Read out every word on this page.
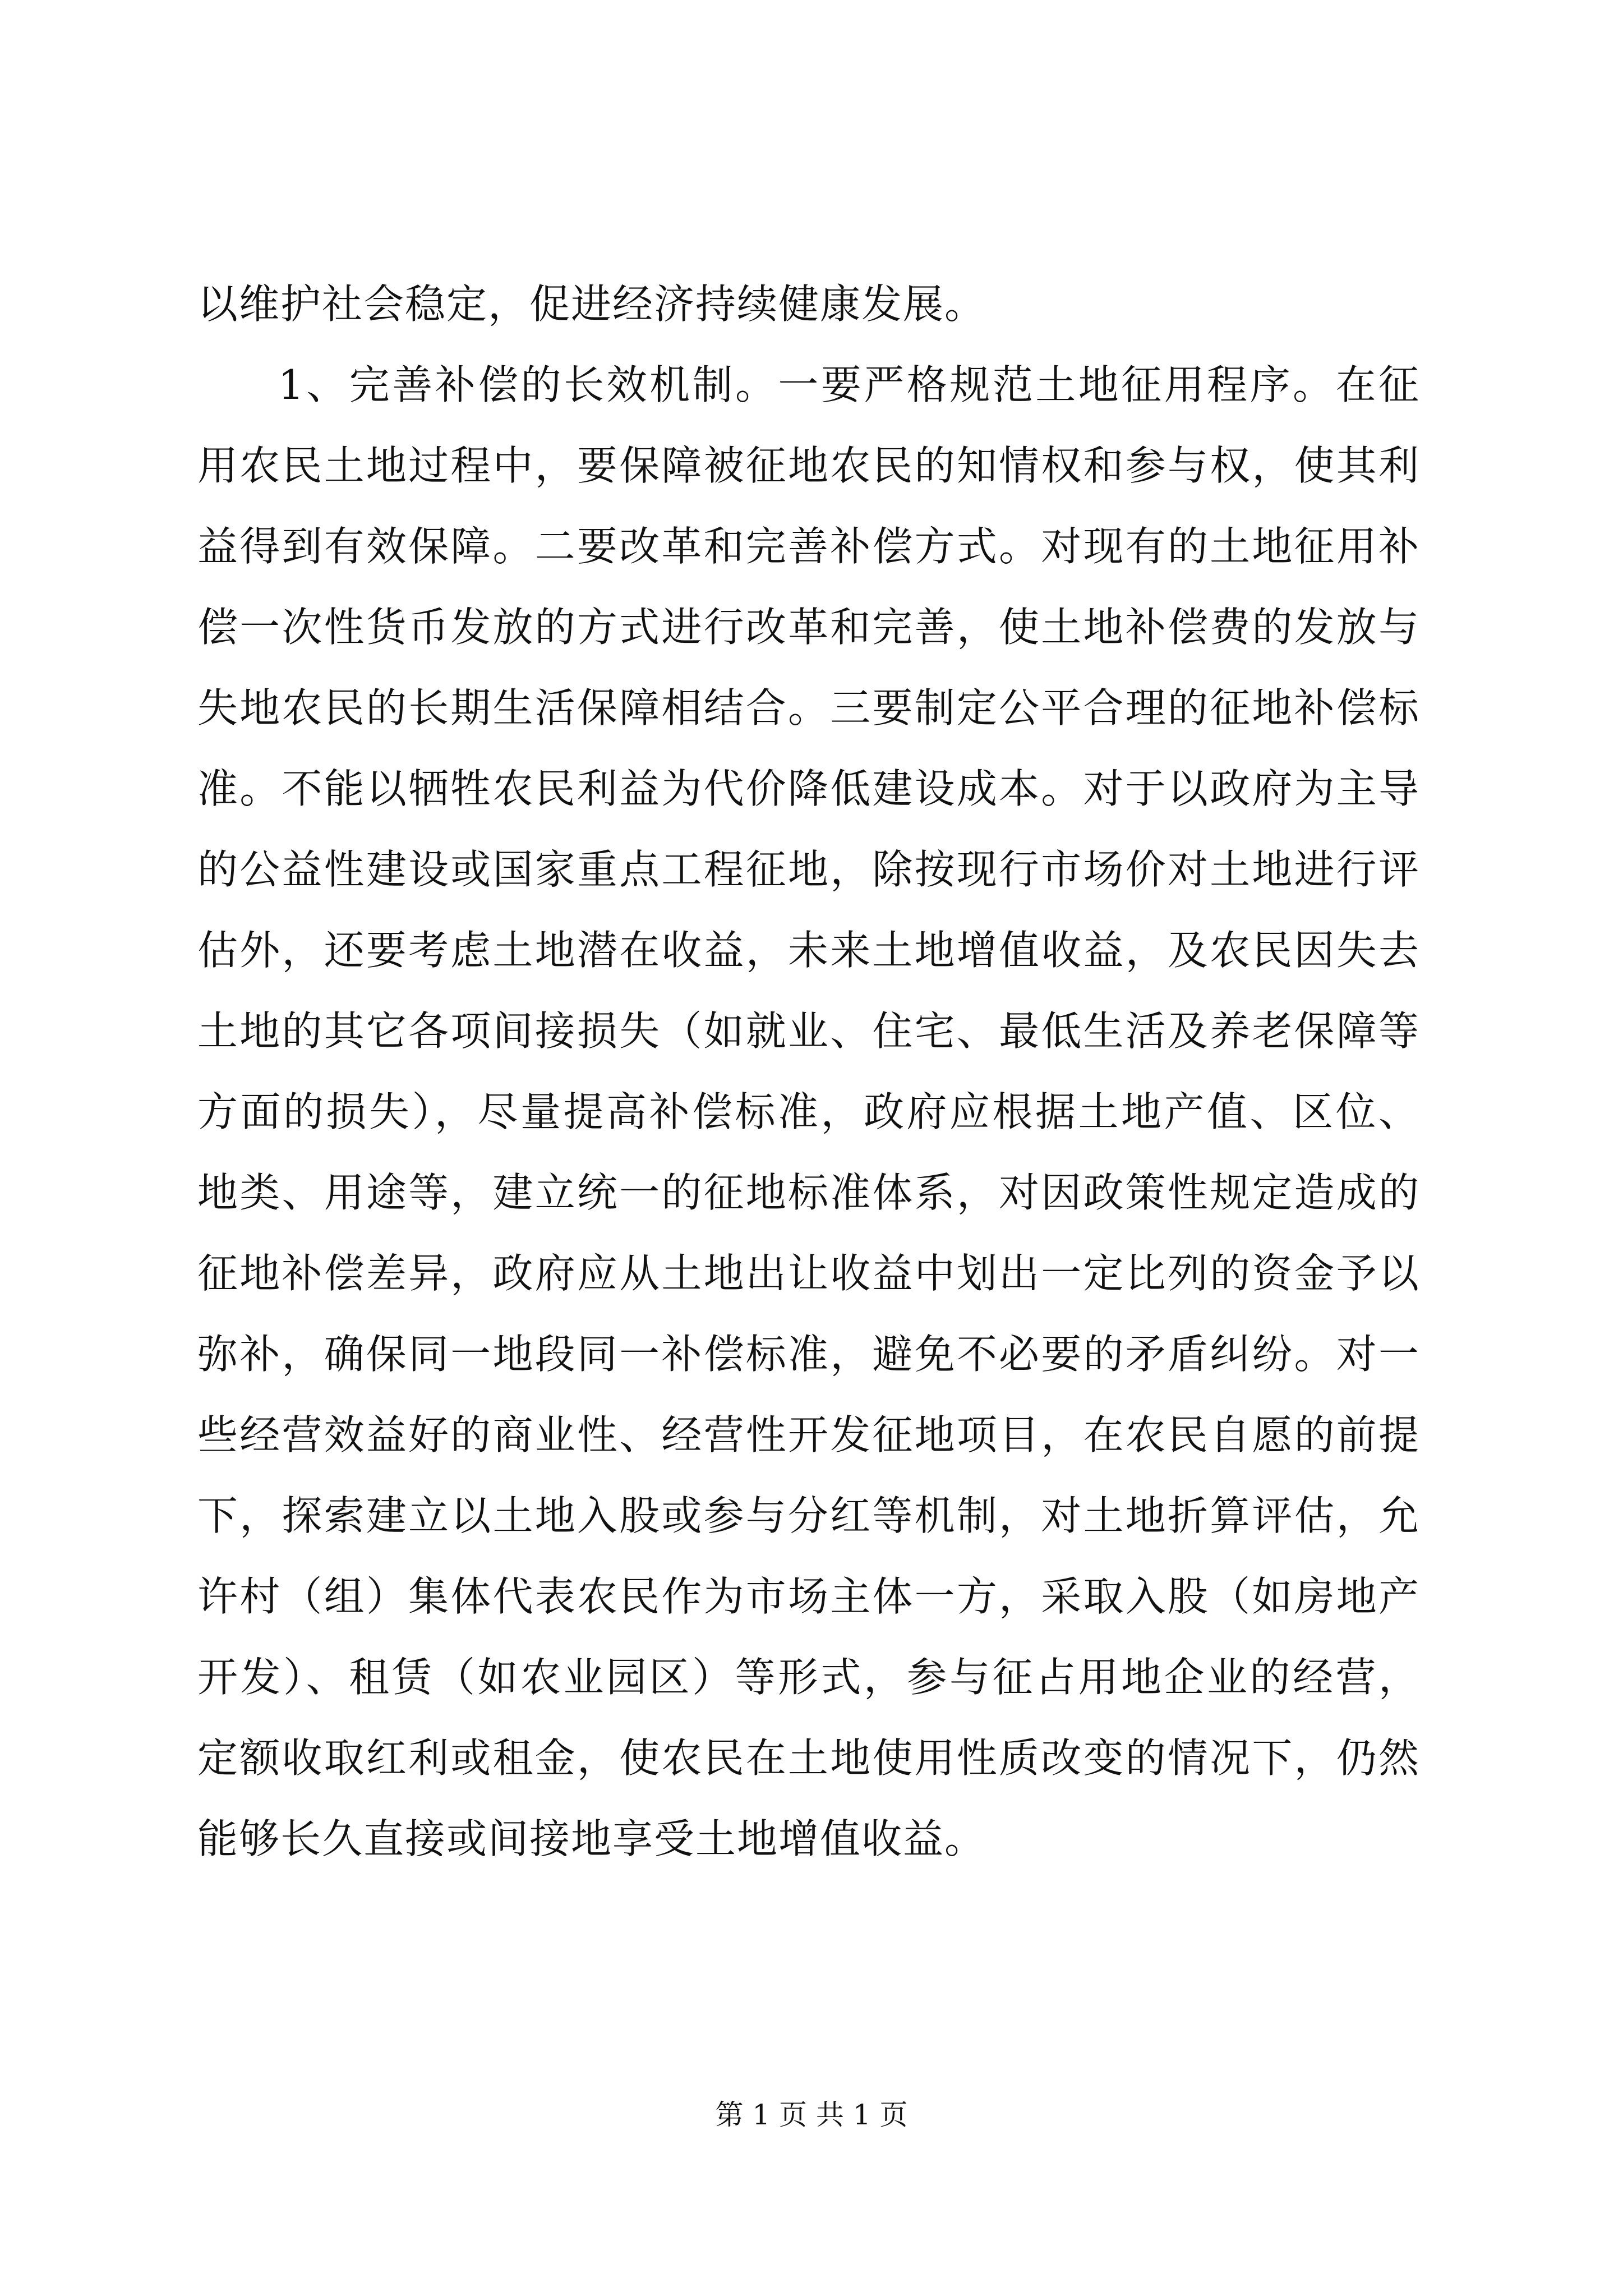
以维护社会稳定，促进经济持续健康发展。

1、完善补偿的长效机制。一要严格规范土地征用程序。在征用农民土地过程中，要保障被征地农民的知情权和参与权，使其利益得到有效保障。二要改革和完善补偿方式。对现有的土地征用补偿一次性货币发放的方式进行改革和完善，使土地补偿费的发放与失地农民的长期生活保障相结合。三要制定公平合理的征地补偿标准。不能以牺牲农民利益为代价降低建设成本。对于以政府为主导的公益性建设或国家重点工程征地，除按现行市场价对土地进行评估外，还要考虑土地潜在收益，未来土地增值收益，及农民因失去土地的其它各项间接损失（如就业、住宅、最低生活及养老保障等方面的损失），尽量提高补偿标准，政府应根据土地产值、区位、地类、用途等，建立统一的征地标准体系，对因政策性规定造成的征地补偿差异，政府应从土地出让收益中划出一定比列的资金予以弥补，确保同一地段同一补偿标准，避免不必要的矛盾纠纷。对一些经营效益好的商业性、经营性开发征地项目，在农民自愿的前提下，探索建立以土地入股或参与分红等机制，对土地折算评估，允许村（组）集体代表农民作为市场主体一方，采取入股（如房地产开发）、租赁（如农业园区）等形式，参与征占用地企业的经营，定额收取红利或租金，使农民在土地使用性质改变的情况下，仍然能够长久直接或间接地享受土地增值收益。

第 1 页 共 1 页
